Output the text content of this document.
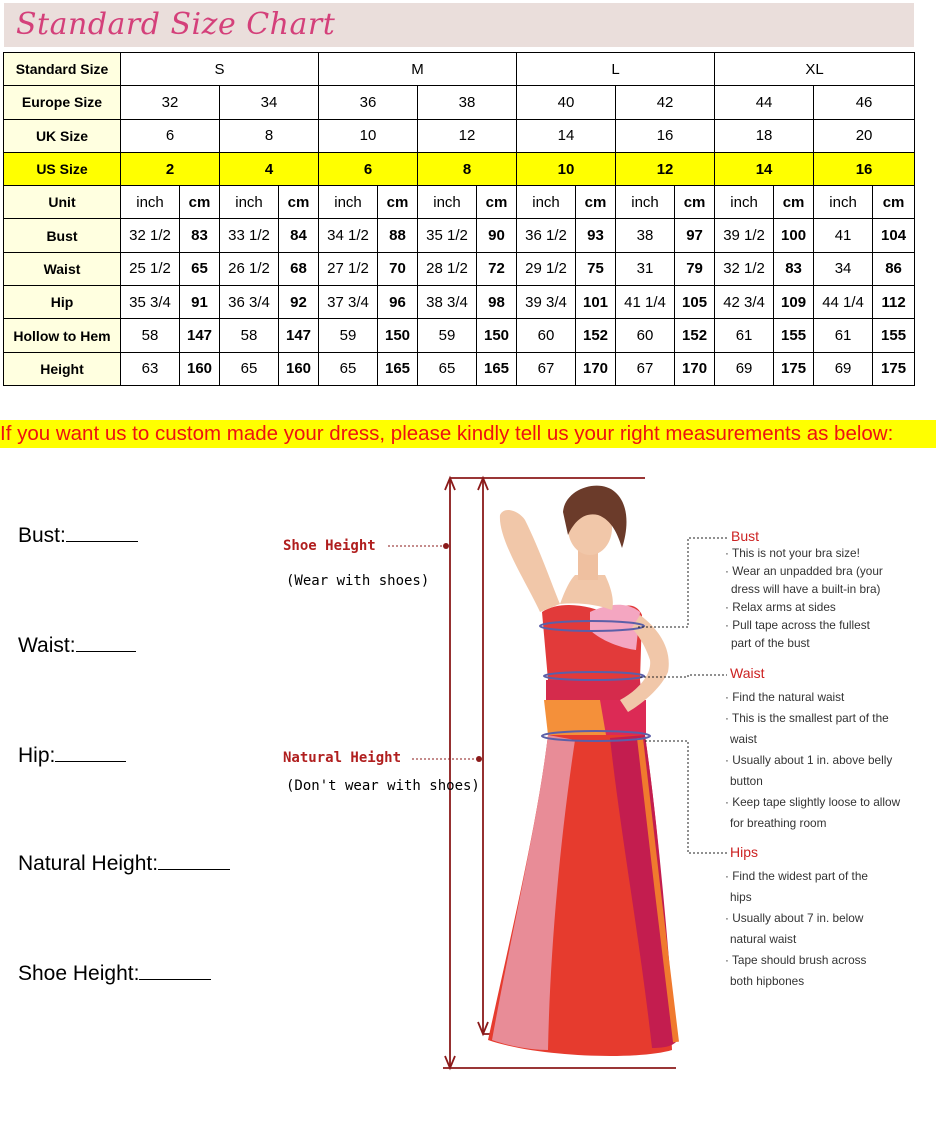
Standard Size Chart
Standard Size	S				M				L				XL			
Europe Size	32		34		36		38		40		42		44		46	
UK Size	6		8		10		12		14		16		18		20	
US Size	2		4		6		8		10		12		14		16	
Unit	inch	cm	inch	cm	inch	cm	inch	cm	inch	cm	inch	cm	inch	cm	inch	cm
Bust	32 1/2	83	33 1/2	84	34 1/2	88	35 1/2	90	36 1/2	93	38	97	39 1/2	100	41	104
Waist	25 1/2	65	26 1/2	68	27 1/2	70	28 1/2	72	29 1/2	75	31	79	32 1/2	83	34	86
Hip	35 3/4	91	36 3/4	92	37 3/4	96	38 3/4	98	39 3/4	101	41 1/4	105	42 3/4	109	44 1/4	112
Hollow to Hem	58	147	58	147	59	150	59	150	60	152	60	152	61	155	61	155
Height	63	160	65	160	65	165	65	165	67	170	67	170	69	175	69	175
If you want us to custom made your dress, please kindly tell us your right measurements as below:
Bust:
Waist:
Hip:
Natural Height:
Shoe Height:
Shoe Height
(Wear with shoes)
Natural Height
(Don't wear with shoes)
Bust
· This is not your bra size!
· Wear an unpadded bra (your
dress will have a built-in bra)
· Relax arms at sides
· Pull tape across the fullest
part of the bust
Waist
· Find the natural waist
· This is the smallest part of the
waist
· Usually about 1 in. above belly
button
· Keep tape slightly loose to allow
for breathing room
Hips
· Find the widest part of the
hips
· Usually about 7 in. below
natural waist
· Tape should brush across
both hipbones
